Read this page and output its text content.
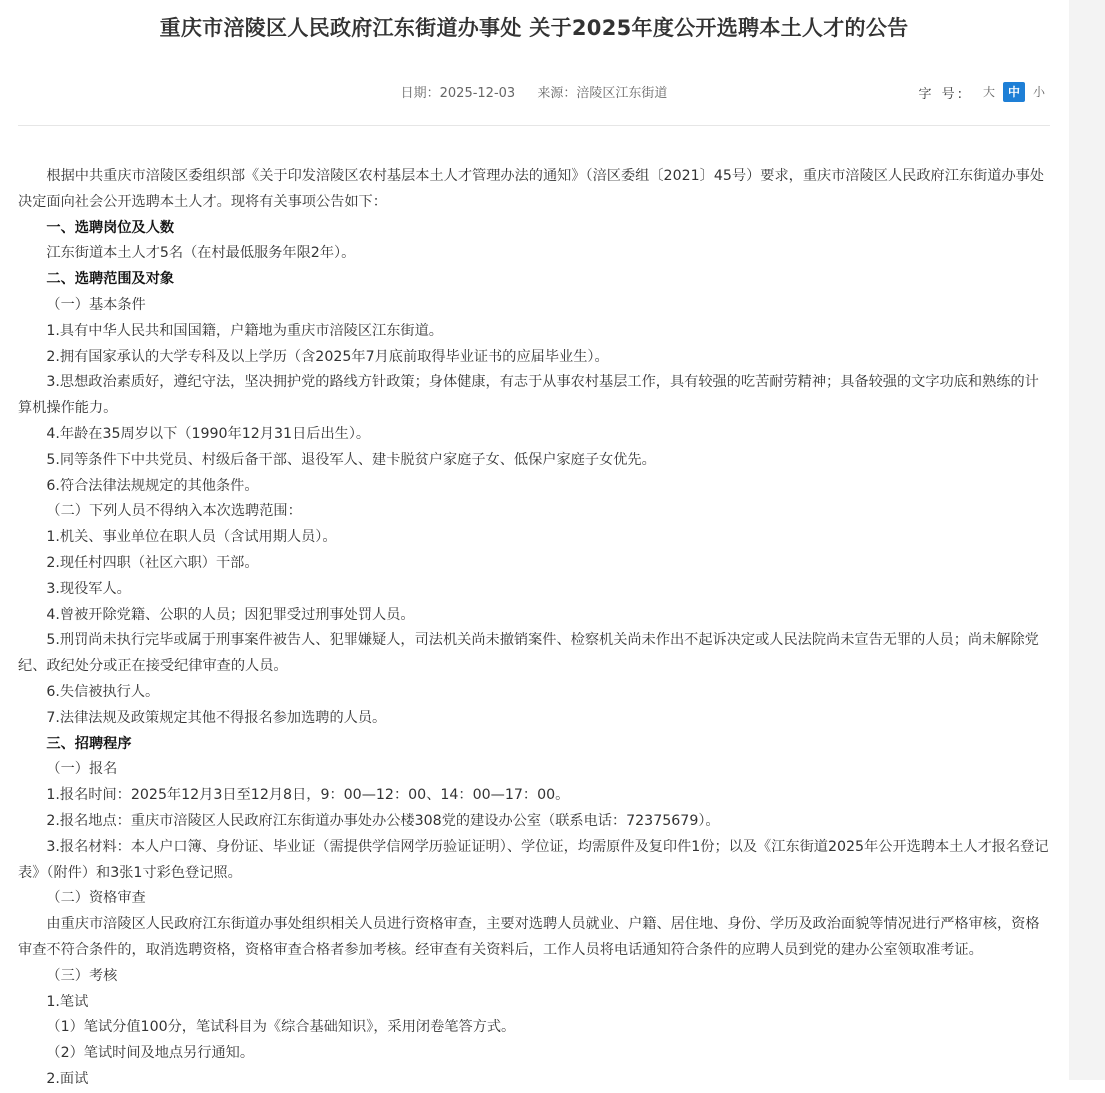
重庆市涪陵区人民政府江东街道办事处 关于2025年度公开选聘本土人才的公告
日期：2025-12-03 来源：涪陵区江东街道	字 号:	大	中	小

根据中共重庆市涪陵区委组织部《关于印发涪陵区农村基层本土人才管理办法的通知》（涪区委组〔2021〕45号）要求，重庆市涪陵区人民政府江东街道办事处决定面向社会公开选聘本土人才。现将有关事项公告如下：

一、选聘岗位及人数

江东街道本土人才5名（在村最低服务年限2年）。

二、选聘范围及对象

（一）基本条件

1.具有中华人民共和国国籍，户籍地为重庆市涪陵区江东街道。

2.拥有国家承认的大学专科及以上学历（含2025年7月底前取得毕业证书的应届毕业生）。

3.思想政治素质好，遵纪守法，坚决拥护党的路线方针政策；身体健康，有志于从事农村基层工作，具有较强的吃苦耐劳精神；具备较强的文字功底和熟练的计算机操作能力。

4.年龄在35周岁以下（1990年12月31日后出生）。

5.同等条件下中共党员、村级后备干部、退役军人、建卡脱贫户家庭子女、低保户家庭子女优先。

6.符合法律法规规定的其他条件。

（二）下列人员不得纳入本次选聘范围：

1.机关、事业单位在职人员（含试用期人员）。

2.现任村四职（社区六职）干部。

3.现役军人。

4.曾被开除党籍、公职的人员；因犯罪受过刑事处罚人员。

5.刑罚尚未执行完毕或属于刑事案件被告人、犯罪嫌疑人，司法机关尚未撤销案件、检察机关尚未作出不起诉决定或人民法院尚未宣告无罪的人员；尚未解除党纪、政纪处分或正在接受纪律审查的人员。

6.失信被执行人。

7.法律法规及政策规定其他不得报名参加选聘的人员。

三、招聘程序

（一）报名

1.报名时间：2025年12月3日至12月8日，9：00—12：00、14：00—17：00。

2.报名地点：重庆市涪陵区人民政府江东街道办事处办公楼308党的建设办公室（联系电话：72375679）。

3.报名材料：本人户口簿、身份证、毕业证（需提供学信网学历验证证明）、学位证，均需原件及复印件1份；以及《江东街道2025年公开选聘本土人才报名登记表》（附件）和3张1寸彩色登记照。

（二）资格审查

由重庆市涪陵区人民政府江东街道办事处组织相关人员进行资格审查，主要对选聘人员就业、户籍、居住地、身份、学历及政治面貌等情况进行严格审核，资格审查不符合条件的，取消选聘资格，资格审查合格者参加考核。经审查有关资料后，工作人员将电话通知符合条件的应聘人员到党的建办公室领取准考证。

（三）考核

1.笔试

（1）笔试分值100分，笔试科目为《综合基础知识》，采用闭卷笔答方式。

（2）笔试时间及地点另行通知。

2.面试
